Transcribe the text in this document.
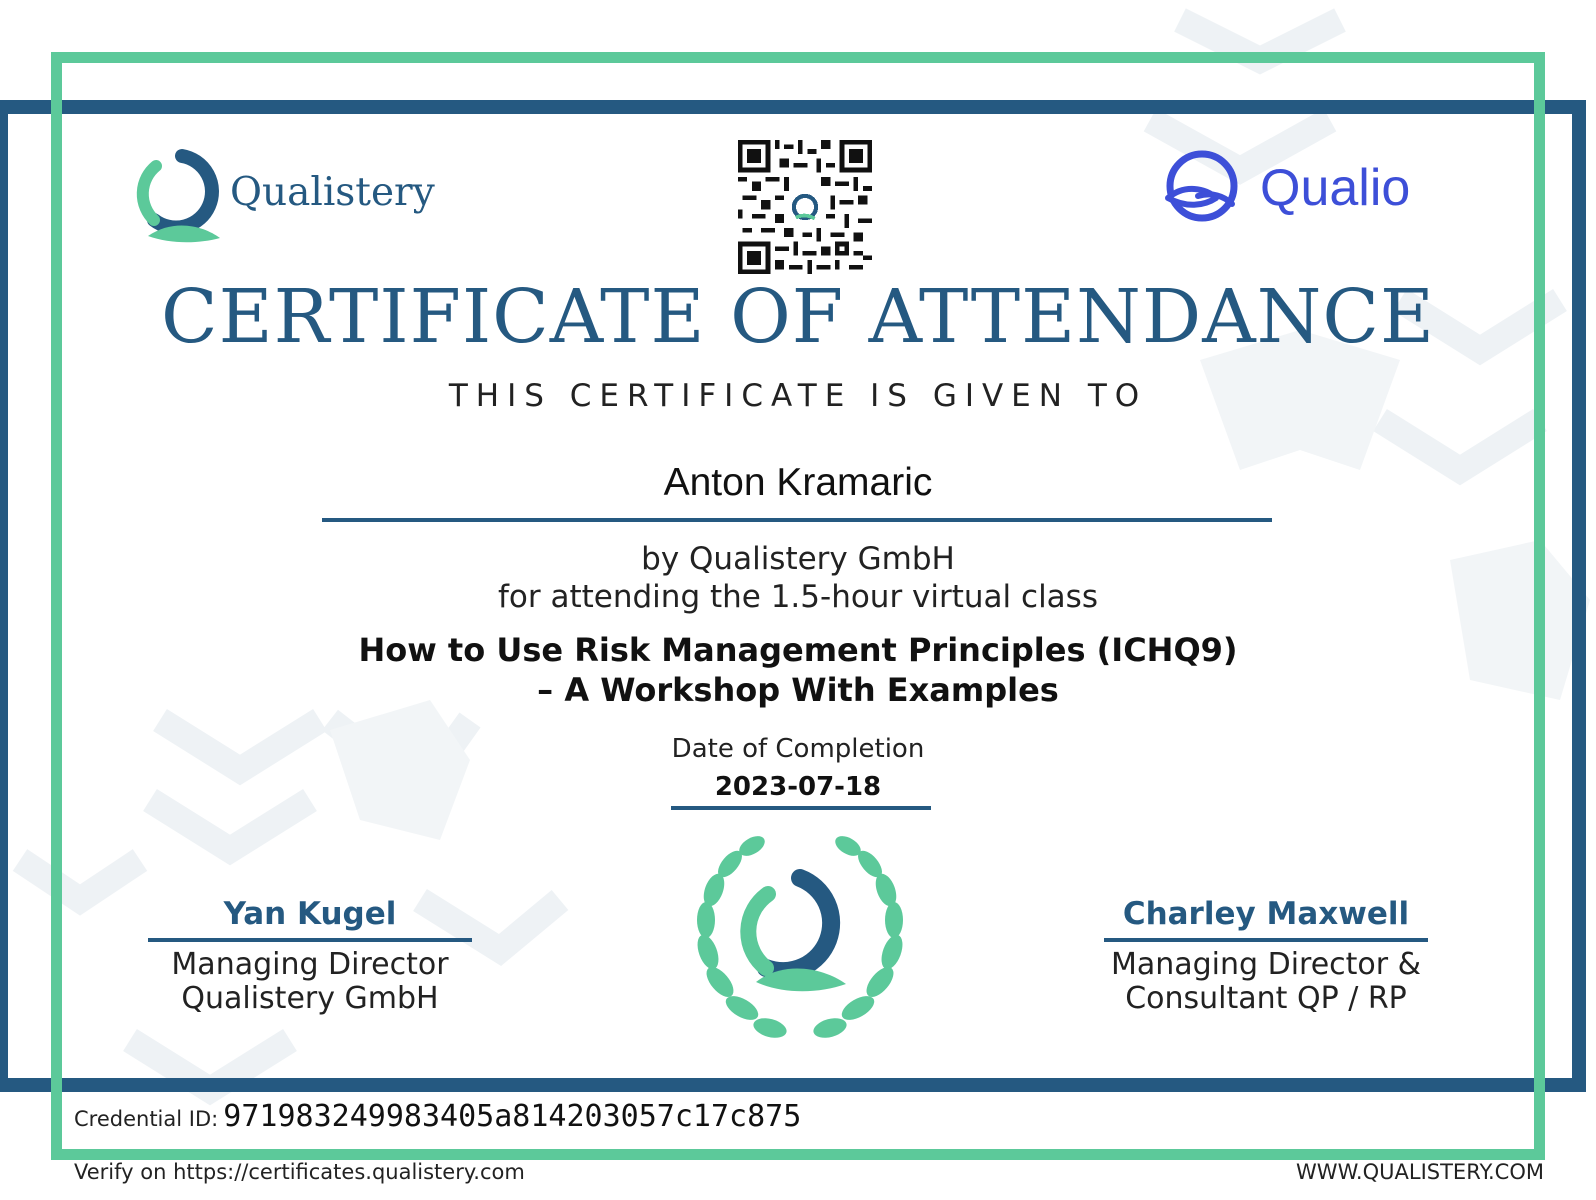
Qualistery	Qualio
CERTIFICATE OF ATTENDANCE
THIS CERTIFICATE IS GIVEN TO
Anton Kramaric
by Qualistery GmbH
for attending the 1.5-hour virtual class
How to Use Risk Management Principles (ICHQ9)
– A Workshop With Examples
Date of Completion
2023-07-18
Yan Kugel
Managing Director
Qualistery GmbH
Charley Maxwell
Managing Director &
Consultant QP / RP
Credential ID: 971983249983405a814203057c17c875
Verify on https://certificates.qualistery.com	WWW.QUALISTERY.COM
